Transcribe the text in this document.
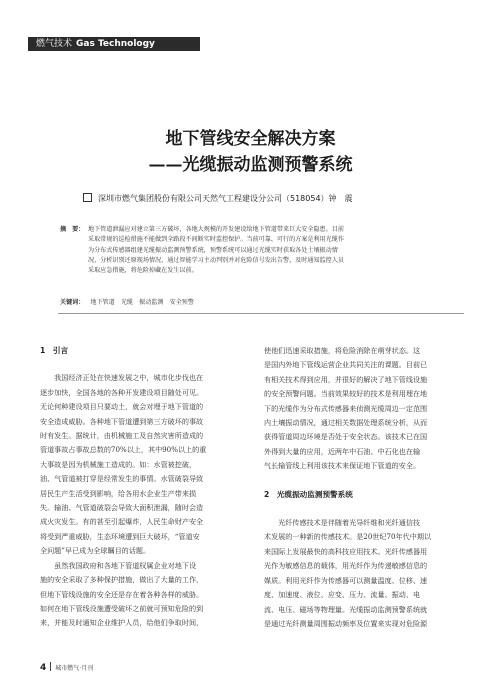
燃气技术 Gas Technology
地下管线安全解决方案
——光缆振动监测预警系统
深圳市燃气集团股份有限公司天然气工程建设分公司（518054）钟　震
摘　要： 地下管道泄漏应对建立第三方破坏，各地大规模的开发建设给地下管道带来巨大安全隐患。目前

采取常规的巡检措施不能做到全路段不间断实时监控保护。当前可靠、可行的方案是利用光缆作

为分布式传感器组建光缆振动监测预警系统，预警系统可以通过光缆实时获取各处土壤振动情

况，分析识别还原现场情况，通过智能学习主动判别并对危险信号发出告警，及时通知监控人员

采取应急措施，将危险掉藏在发生以前。

关键词： 地下管道　光缆　振动监测　安全预警

1　引言

　　我国经济正处在快速发展之中，城市化步伐也在

逐步加快，全国各地的各种开发建设项目随处可见。

无论何种建设项目只要动土，就会对埋于地下管道的

安全造成威胁。各种地下管道遭到第三方破坏的事故

时有发生。据统计，由机械施工及自然灾害所造成的

管道事故占事故总数的70%以上，其中90%以上的重

大事故是因为机械施工造成的。如：水管被挖破，

油、气管道被打穿是经常发生的事情。水管破裂导致

居民生产生活受到影响，给各用水企业生产带来损

失。输油、气管道破裂会导致大面积泄漏，随时会造

成火灾发生。有的甚至引起爆炸，人民生命财产安全

将受到严重威胁，生态环境遭到巨大破坏，“管道安

全问题”早已成为全球瞩目的话题。

　　虽然我国政府和各地下管道权属企业对地下设

施的安全采取了多种保护措施，做出了大量的工作，

但地下管线设施的安全还是存在着各种各样的威胁。

如何在地下管线设施遭受破坏之前就可预知危险的到

来，并能及时通知企业维护人员，给他们争取时间，

使他们迅速采取措施，将危险消除在萌芽状态。这

是国内外地下管线运营企业共同关注的课题。目前已

有相关技术得到应用，并很好的解决了地下管线设施

的安全预警问题。当前效果较好的技术是利用埋在地

下的光缆作为分布式传感器来侦测光缆周边一定范围

内土壤振动情况，通过相关数据处理系统分析，从而

获得管道周边环境是否处于安全状态。该技术已在国

外得到大量的应用，近两年中石油、中石化也在输

气长输管线上利用该技术来保证地下管道的安全。

2　光缆振动监测预警系统

　　光纤传感技术是伴随着光导纤维和光纤通信技

术发展的一种新的传感技术。是20世纪70年代中期以

来国际上发展最快的高科技应用技术。光纤传感器用

光作为敏感信息的载体，用光纤作为传递敏感信息的

媒质。利用光纤作为传感器可以测量温度、位移、速

度、加速度、液位、应变、压力、流量、振动、电

流、电压、磁场等物理量。光缆振动监测预警系统就

是通过光纤测量周围振动频率及位置来实现对危险源

4 城市燃气·月刊
